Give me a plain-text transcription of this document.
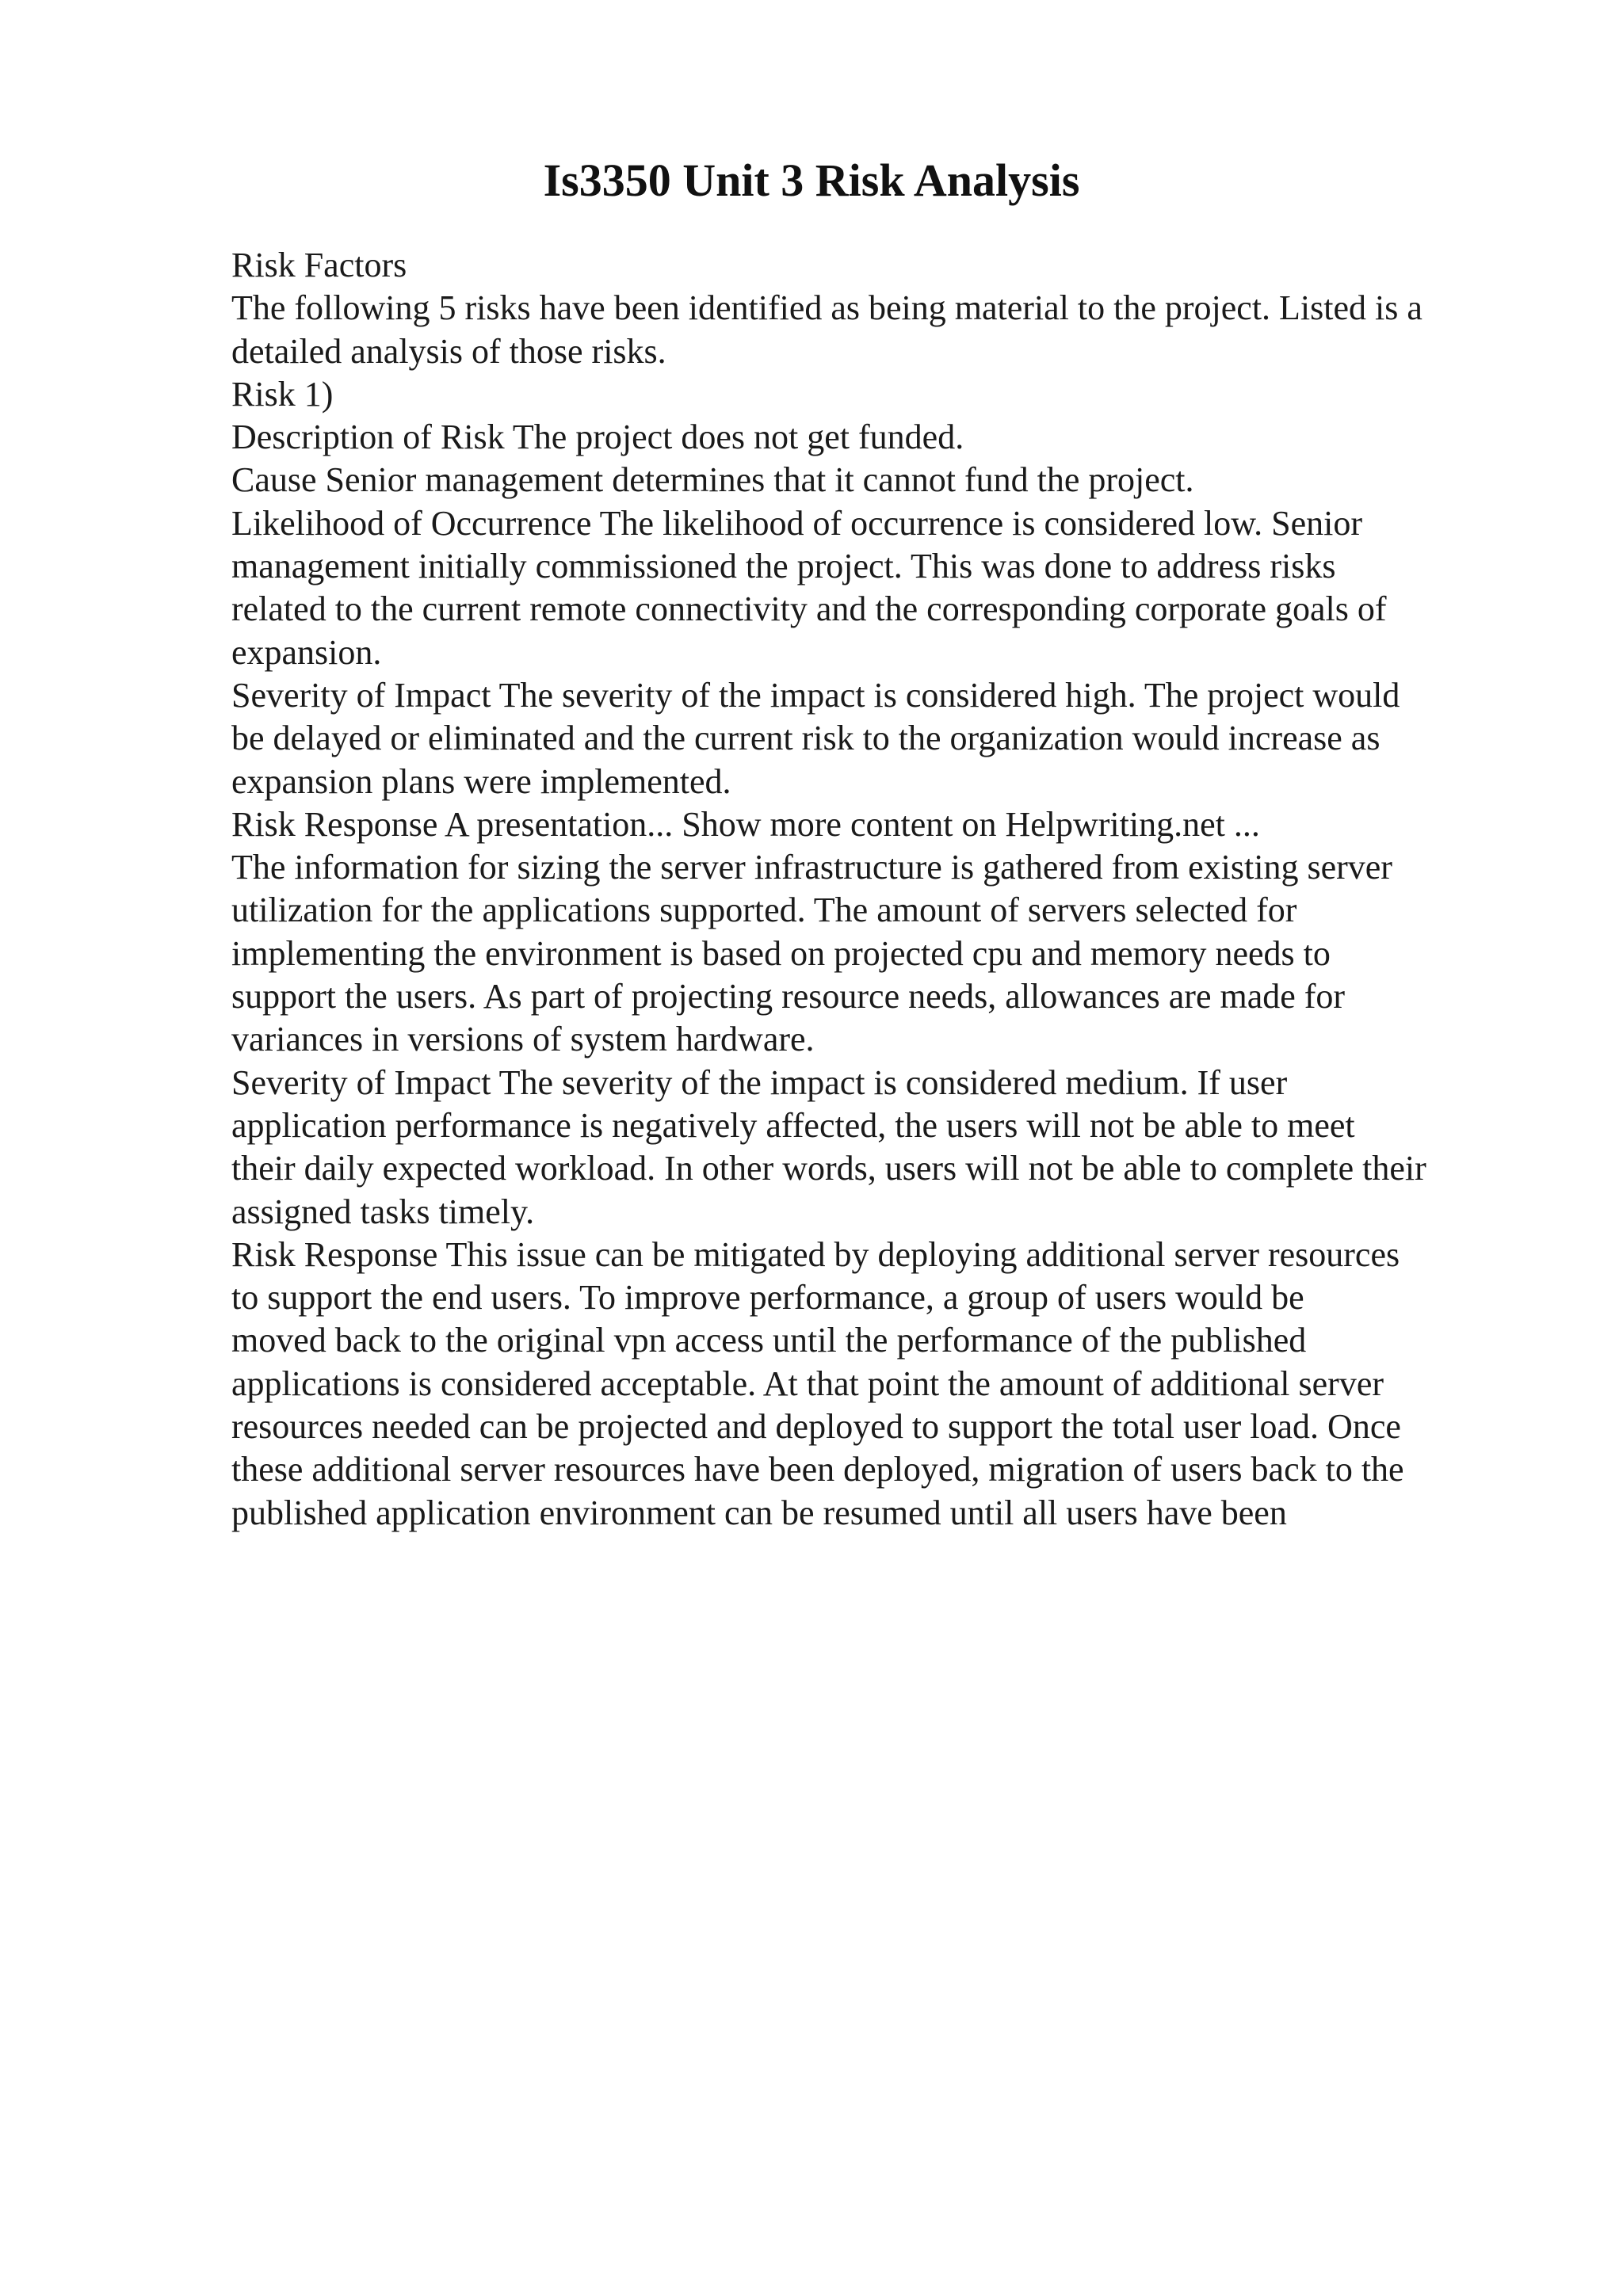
Is3350 Unit 3 Risk Analysis
Risk Factors
The following 5 risks have been identified as being material to the project. Listed is a
detailed analysis of those risks.
Risk 1)
Description of Risk The project does not get funded.
Cause Senior management determines that it cannot fund the project.
Likelihood of Occurrence The likelihood of occurrence is considered low. Senior
management initially commissioned the project. This was done to address risks
related to the current remote connectivity and the corresponding corporate goals of
expansion.
Severity of Impact The severity of the impact is considered high. The project would
be delayed or eliminated and the current risk to the organization would increase as
expansion plans were implemented.
Risk Response A presentation... Show more content on Helpwriting.net ...
The information for sizing the server infrastructure is gathered from existing server
utilization for the applications supported. The amount of servers selected for
implementing the environment is based on projected cpu and memory needs to
support the users. As part of projecting resource needs, allowances are made for
variances in versions of system hardware.
Severity of Impact The severity of the impact is considered medium. If user
application performance is negatively affected, the users will not be able to meet
their daily expected workload. In other words, users will not be able to complete their
assigned tasks timely.
Risk Response This issue can be mitigated by deploying additional server resources
to support the end users. To improve performance, a group of users would be
moved back to the original vpn access until the performance of the published
applications is considered acceptable. At that point the amount of additional server
resources needed can be projected and deployed to support the total user load. Once
these additional server resources have been deployed, migration of users back to the
published application environment can be resumed until all users have been
